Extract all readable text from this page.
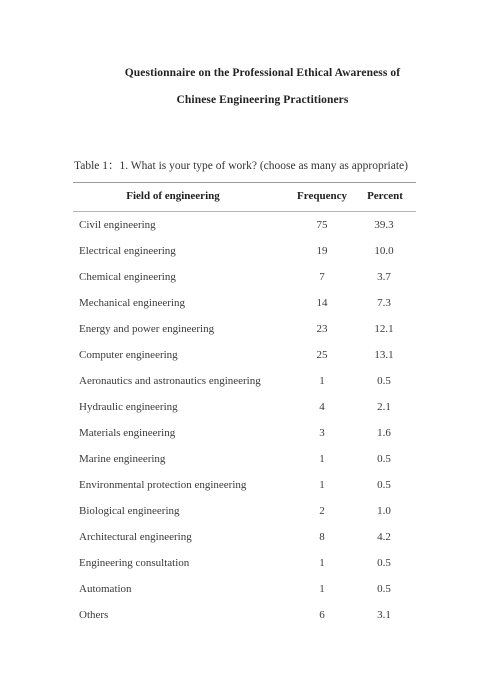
Questionnaire on the Professional Ethical Awareness of
Chinese Engineering Practitioners
Table 1：1. What is your type of work? (choose as many as appropriate)
Field of engineering	Frequency	Percent
Civil engineering	75	39.3
Electrical engineering	19	10.0
Chemical engineering	7	3.7
Mechanical engineering	14	7.3
Energy and power engineering	23	12.1
Computer engineering	25	13.1
Aeronautics and astronautics engineering	1	0.5
Hydraulic engineering	4	2.1
Materials engineering	3	1.6
Marine engineering	1	0.5
Environmental protection engineering	1	0.5
Biological engineering	2	1.0
Architectural engineering	8	4.2
Engineering consultation	1	0.5
Automation	1	0.5
Others	6	3.1
